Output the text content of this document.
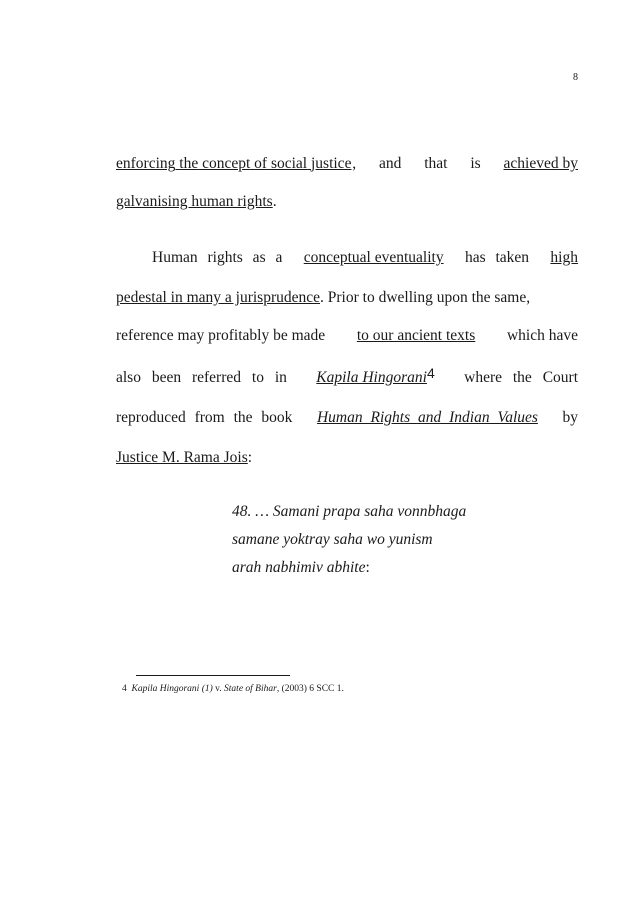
8
enforcing the concept of social justice , and that is achieved by
galvanising human rights .
Human rights as a conceptual eventuality has taken high
pedestal in many a jurisprudence . Prior to dwelling upon the same,
reference may profitably be made to our ancient texts which have
also been referred to in Kapila Hingorani4 where the Court
reproduced from the book Human Rights and Indian Values by
Justice M. Rama Jois :
48. … Samani prapa saha vonnbhaga
samane yoktray saha wo yunism
arah nabhimiv abhite:
4 Kapila Hingorani (1) v. State of Bihar, (2003) 6 SCC 1.
